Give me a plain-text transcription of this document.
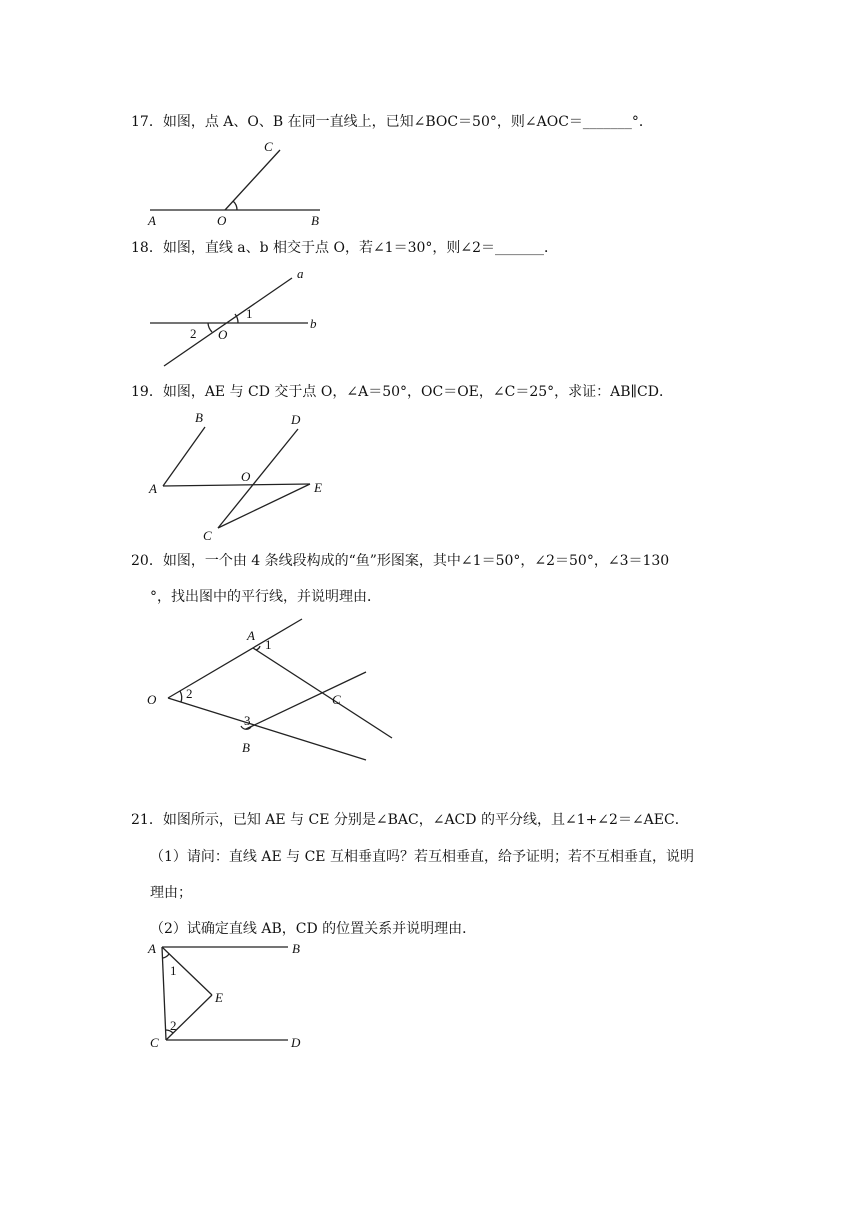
17．如图，点 A、O、B 在同一直线上，已知∠BOC＝50°，则∠AOC＝_______°．
A	O	B
C
18．如图，直线 a、b 相交于点 O，若∠1＝30°，则∠2＝_______．
a
b
O
1
2
19．如图，AE 与 CD 交于点 O，∠A＝50°，OC＝OE，∠C＝25°，求证：AB∥CD．
B
A
D
O
E
C
20．如图，一个由 4 条线段构成的“鱼”形图案，其中∠1＝50°，∠2＝50°，∠3＝130
°，找出图中的平行线，并说明理由．
A
1
O 2	C
3
B
21．如图所示，已知 AE 与 CE 分别是∠BAC，∠ACD 的平分线，且∠1+∠2＝∠AEC．
（1）请问：直线 AE 与 CE 互相垂直吗？若互相垂直，给予证明；若不互相垂直，说明
理由；
（2）试确定直线 AB，CD 的位置关系并说明理由．
A	B
E
1
2
C	D
